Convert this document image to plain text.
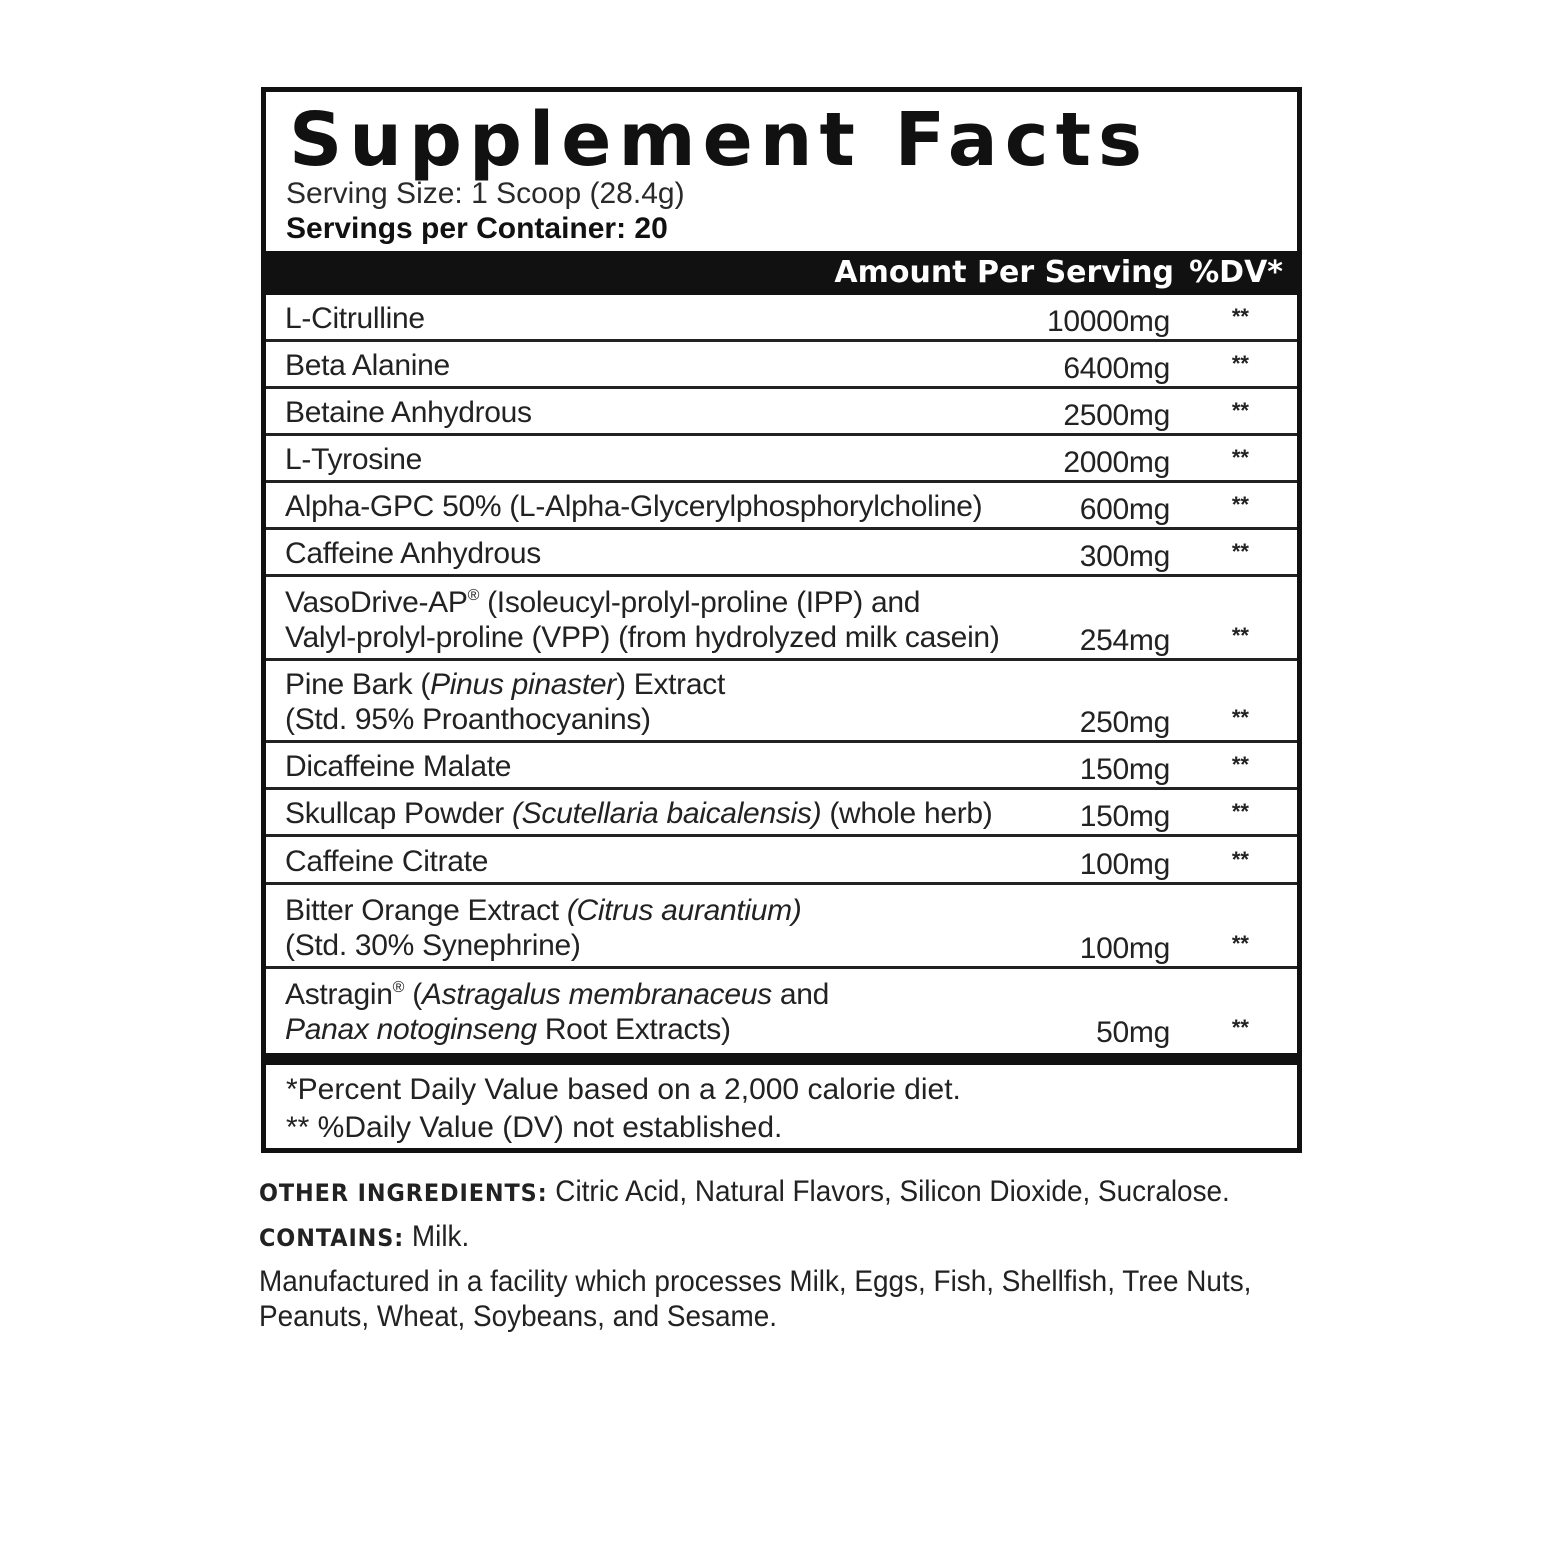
Supplement Facts
Serving Size: 1 Scoop (28.4g)
Servings per Container: 20
Amount Per Serving %DV*
L-Citrulline	10000mg	**
Beta Alanine	6400mg	**
Betaine Anhydrous	2500mg	**
L-Tyrosine	2000mg	**
Alpha-GPC 50% (L-Alpha-Glycerylphosphorylcholine)	600mg	**
Caffeine Anhydrous	300mg	**
VasoDrive-AP® (Isoleucyl-prolyl-proline (IPP) and
Valyl-prolyl-proline (VPP) (from hydrolyzed milk casein)	254mg	**
Pine Bark (Pinus pinaster) Extract
(Std. 95% Proanthocyanins)	250mg	**
Dicaffeine Malate	150mg	**
Skullcap Powder (Scutellaria baicalensis) (whole herb)	150mg	**
Caffeine Citrate	100mg	**
Bitter Orange Extract (Citrus aurantium)
(Std. 30% Synephrine)	100mg	**
Astragin® (Astragalus membranaceus and
Panax notoginseng Root Extracts)	50mg	**
*Percent Daily Value based on a 2,000 calorie diet.
** %Daily Value (DV) not established.
OTHER INGREDIENTS: Citric Acid, Natural Flavors, Silicon Dioxide, Sucralose.
CONTAINS: Milk.
Manufactured in a facility which processes Milk, Eggs, Fish, Shellfish, Tree Nuts,
Peanuts, Wheat, Soybeans, and Sesame.
